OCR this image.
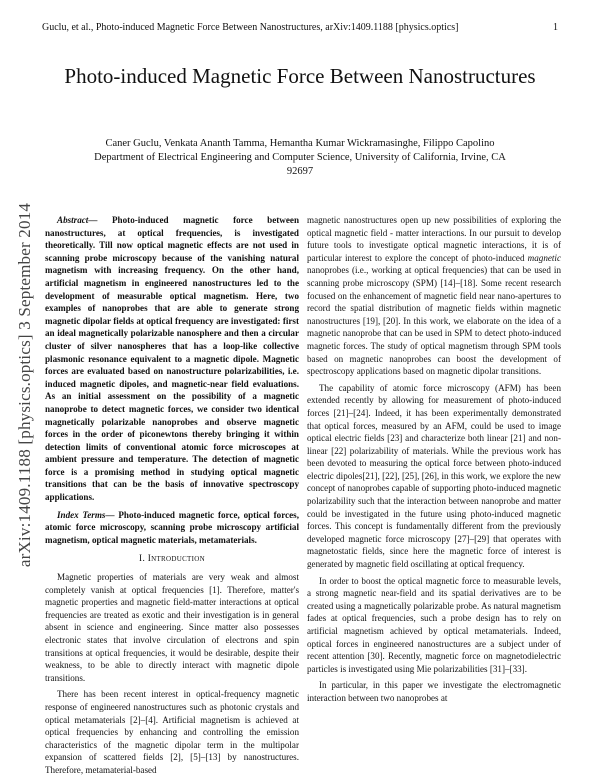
Guclu, et al., Photo-induced Magnetic Force Between Nanostructures, arXiv:1409.1188 [physics.optics]	1
arXiv:1409.1188 [physics.optics] 3 September 2014
Photo-induced Magnetic Force Between Nanostructures
Caner Guclu, Venkata Ananth Tamma, Hemantha Kumar Wickramasinghe, Filippo Capolino
Department of Electrical Engineering and Computer Science, University of California, Irvine, CA
92697

Abstract— Photo-induced magnetic force between nanostructures, at optical frequencies, is investigated theoretically. Till now optical magnetic effects are not used in scanning probe microscopy because of the vanishing natural magnetism with increasing frequency. On the other hand, artificial magnetism in engineered nanostructures led to the development of measurable optical magnetism. Here, two examples of nanoprobes that are able to generate strong magnetic dipolar fields at optical frequency are investigated: first an ideal magnetically polarizable nanosphere and then a circular cluster of silver nanospheres that has a loop-like collective plasmonic resonance equivalent to a magnetic dipole. Magnetic forces are evaluated based on nanostructure polarizabilities, i.e. induced magnetic dipoles, and magnetic-near field evaluations. As an initial assessment on the possibility of a magnetic nanoprobe to detect magnetic forces, we consider two identical magnetically polarizable nanoprobes and observe magnetic forces in the order of piconewtons thereby bringing it within detection limits of conventional atomic force microscopes at ambient pressure and temperature. The detection of magnetic force is a promising method in studying optical magnetic transitions that can be the basis of innovative spectroscopy applications.

Index Terms— Photo-induced magnetic force, optical forces, atomic force microscopy, scanning probe microscopy artificial magnetism, optical magnetic materials, metamaterials.

I. Introduction

Magnetic properties of materials are very weak and almost completely vanish at optical frequencies [1]. Therefore, matter's magnetic properties and magnetic field-matter interactions at optical frequencies are treated as exotic and their investigation is in general absent in science and engineering. Since matter also possesses electronic states that involve circulation of electrons and spin transitions at optical frequencies, it would be desirable, despite their weakness, to be able to directly interact with magnetic dipole transitions.

There has been recent interest in optical-frequency magnetic response of engineered nanostructures such as photonic crystals and optical metamaterials [2]–[4]. Artificial magnetism is achieved at optical frequencies by enhancing and controlling the emission characteristics of the magnetic dipolar term in the multipolar expansion of scattered fields [2], [5]–[13] by nanostructures. Therefore, metamaterial-based

magnetic nanostructures open up new possibilities of exploring the optical magnetic field - matter interactions. In our pursuit to develop future tools to investigate optical magnetic interactions, it is of particular interest to explore the concept of photo-induced magnetic nanoprobes (i.e., working at optical frequencies) that can be used in scanning probe microscopy (SPM) [14]–[18]. Some recent research focused on the enhancement of magnetic field near nano-apertures to record the spatial distribution of magnetic fields within magnetic nanostructures [19], [20]. In this work, we elaborate on the idea of a magnetic nanoprobe that can be used in SPM to detect photo-induced magnetic forces. The study of optical magnetism through SPM tools based on magnetic nanoprobes can boost the development of spectroscopy applications based on magnetic dipolar transitions.

The capability of atomic force microscopy (AFM) has been extended recently by allowing for measurement of photo-induced forces [21]–[24]. Indeed, it has been experimentally demonstrated that optical forces, measured by an AFM, could be used to image optical electric fields [23] and characterize both linear [21] and non-linear [22] polarizability of materials. While the previous work has been devoted to measuring the optical force between photo-induced electric dipoles[21], [22], [25], [26], in this work, we explore the new concept of nanoprobes capable of supporting photo-induced magnetic polarizability such that the interaction between nanoprobe and matter could be investigated in the future using photo-induced magnetic forces. This concept is fundamentally different from the previously developed magnetic force microscopy [27]–[29] that operates with magnetostatic fields, since here the magnetic force of interest is generated by magnetic field oscillating at optical frequency.

In order to boost the optical magnetic force to measurable levels, a strong magnetic near-field and its spatial derivatives are to be created using a magnetically polarizable probe. As natural magnetism fades at optical frequencies, such a probe design has to rely on artificial magnetism achieved by optical metamaterials. Indeed, optical forces in engineered nanostructures are a subject under of recent attention [30]. Recently, magnetic force on magnetodielectric particles is investigated using Mie polarizabilities [31]–[33].

In particular, in this paper we investigate the electromagnetic interaction between two nanoprobes at
